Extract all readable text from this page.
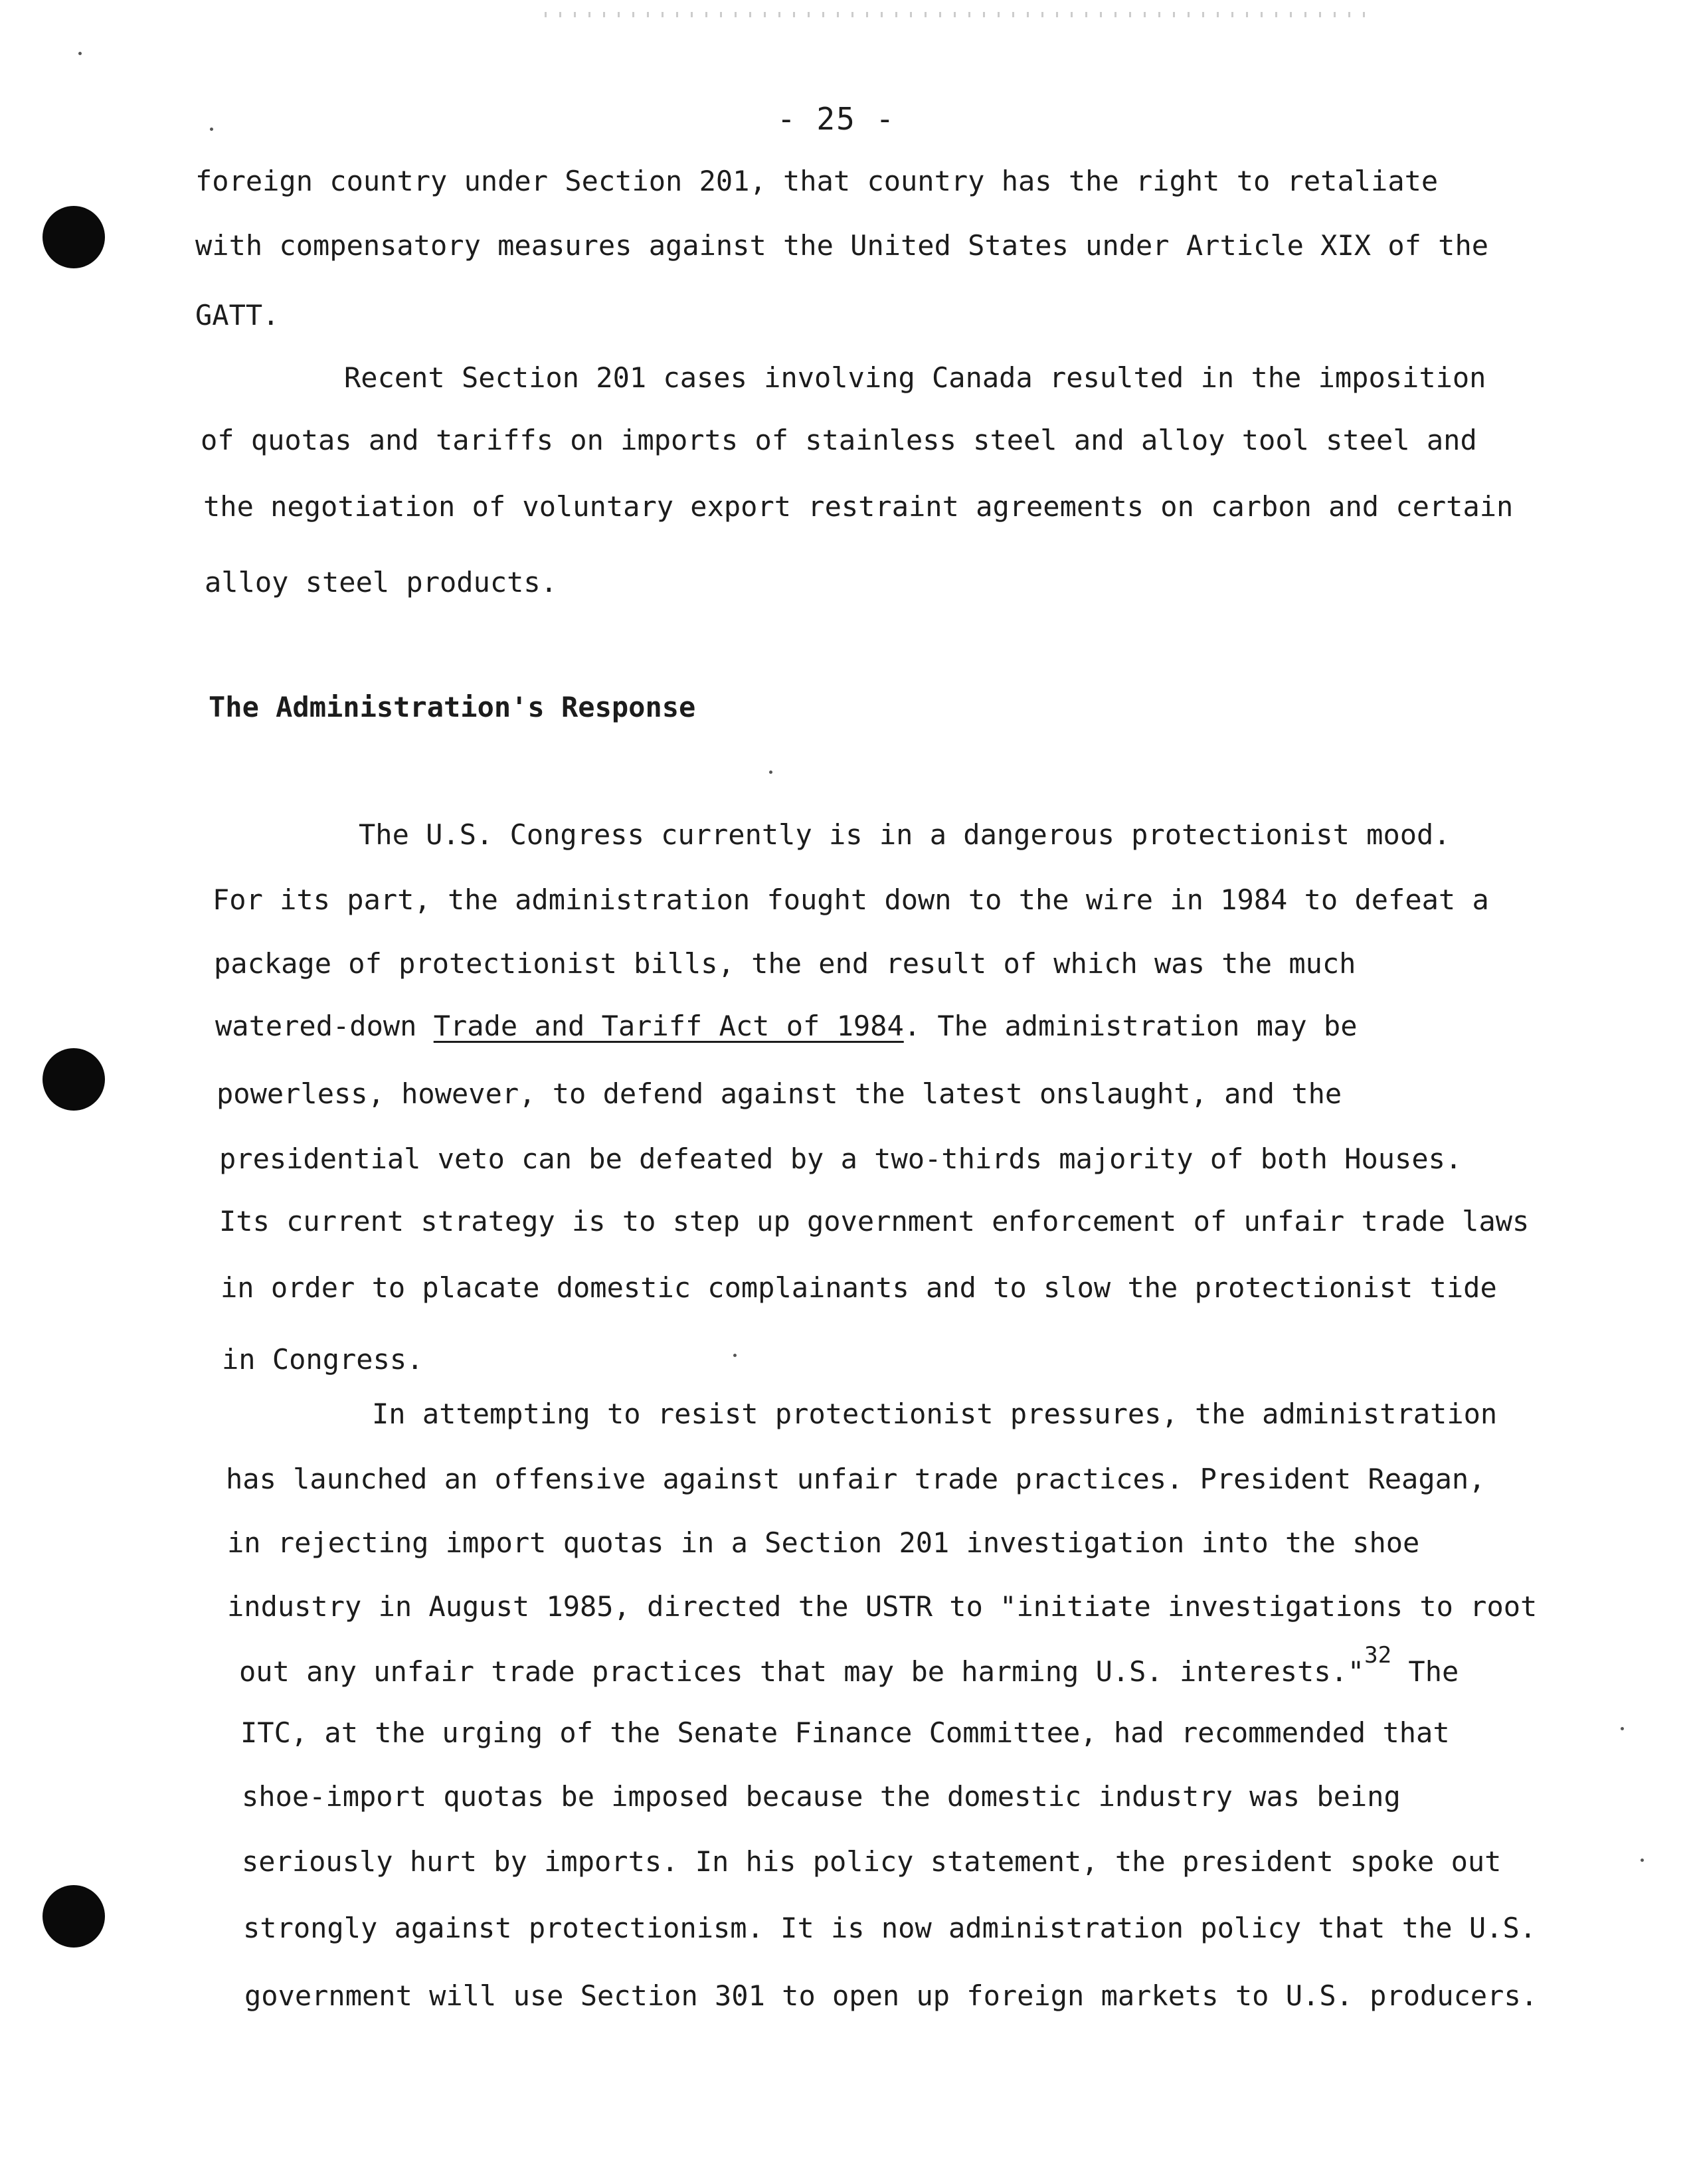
- 25 -
foreign country under Section 201, that country has the right to retaliate
with compensatory measures against the United States under Article XIX of the
GATT.
Recent Section 201 cases involving Canada resulted in the imposition
of quotas and tariffs on imports of stainless steel and alloy tool steel and
the negotiation of voluntary export restraint agreements on carbon and certain
alloy steel products.
The Administration's Response
The U.S. Congress currently is in a dangerous protectionist mood.
For its part, the administration fought down to the wire in 1984 to defeat a
package of protectionist bills, the end result of which was the much
watered-down Trade and Tariff Act of 1984. The administration may be
powerless, however, to defend against the latest onslaught, and the
presidential veto can be defeated by a two-thirds majority of both Houses.
Its current strategy is to step up government enforcement of unfair trade laws
in order to placate domestic complainants and to slow the protectionist tide
in Congress.
In attempting to resist protectionist pressures, the administration
has launched an offensive against unfair trade practices. President Reagan,
in rejecting import quotas in a Section 201 investigation into the shoe
industry in August 1985, directed the USTR to "initiate investigations to root
out any unfair trade practices that may be harming U.S. interests."$^{32}$ The
ITC, at the urging of the Senate Finance Committee, had recommended that
shoe-import quotas be imposed because the domestic industry was being
seriously hurt by imports. In his policy statement, the president spoke out
strongly against protectionism. It is now administration policy that the U.S.
government will use Section 301 to open up foreign markets to U.S. producers.
